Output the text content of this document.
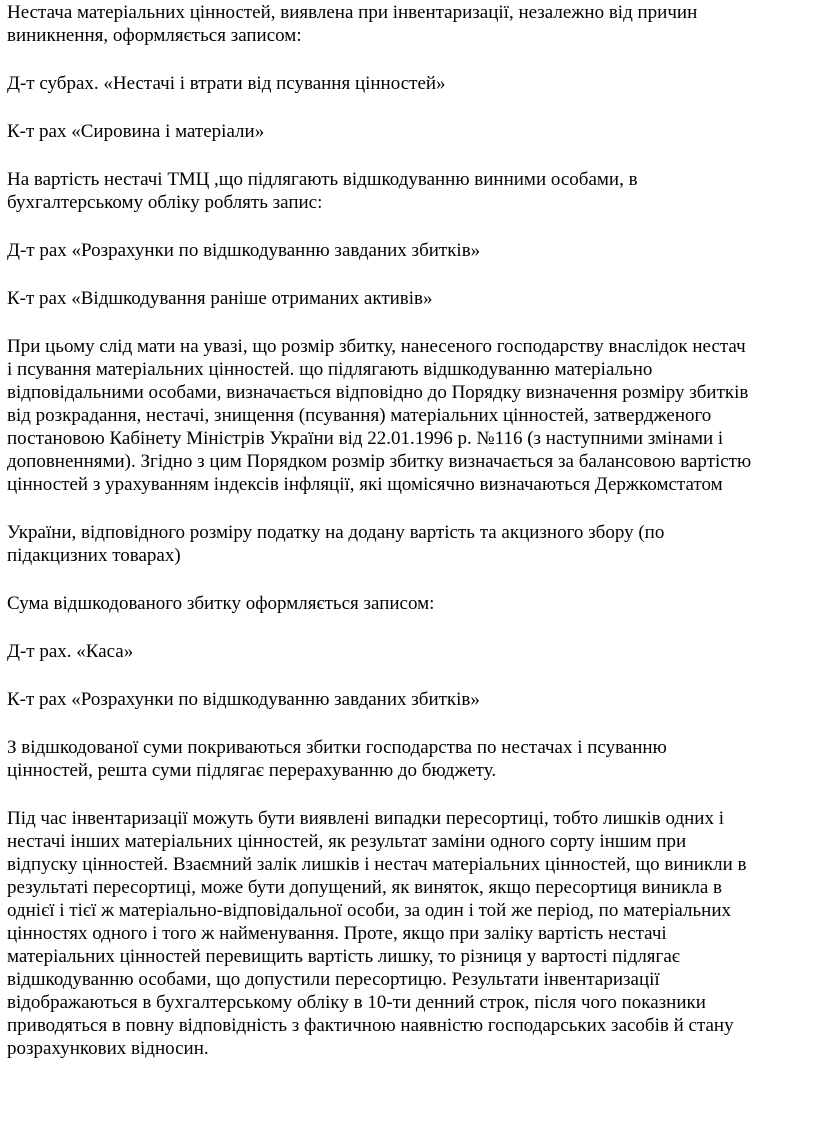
Нестача матеріальних цінностей, виявлена при інвентаризації, незалежно від причин
виникнення, оформляється записом:
Д-т субрах. «Нестачі і втрати від псування цінностей»
К-т рах «Сировина і матеріали»
На вартість нестачі ТМЦ ,що підлягають відшкодуванню винними особами, в
бухгалтерському обліку роблять запис:
Д-т рах «Розрахунки по відшкодуванню завданих збитків»
К-т рах «Відшкодування раніше отриманих активів»
При цьому слід мати на увазі, що розмір збитку, нанесеного господарству внаслідок нестач
і псування матеріальних цінностей. що підлягають відшкодуванню матеріально
відповідальними особами, визначається відповідно до Порядку визначення розміру збитків
від розкрадання, нестачі, знищення (псування) матеріальних цінностей, затвердженого
постановою Кабінету Міністрів України від 22.01.1996 р. №116 (з наступними змінами і
доповненнями). Згідно з цим Порядком розмір збитку визначається за балансовою вартістю
цінностей з урахуванням індексів інфляції, які щомісячно визначаються Держкомстатом
України, відповідного розміру податку на додану вартість та акцизного збору (по
підакцизних товарах)
Сума відшкодованого збитку оформляється записом:
Д-т рах. «Каса»
К-т рах «Розрахунки по відшкодуванню завданих збитків»
З відшкодованої суми покриваються збитки господарства по нестачах і псуванню
цінностей, решта суми підлягає перерахуванню до бюджету.
Під час інвентаризації можуть бути виявлені випадки пересортиці, тобто лишків одних і
нестачі інших матеріальних цінностей, як результат заміни одного сорту іншим при
відпуску цінностей. Взаємний залік лишків і нестач матеріальних цінностей, що виникли в
результаті пересортиці, може бути допущений, як виняток, якщо пересортиця виникла в
однієї і тієї ж матеріально-відповідальної особи, за один і той же період, по матеріальних
цінностях одного і того ж найменування. Проте, якщо при заліку вартість нестачі
матеріальних цінностей перевищить вартість лишку, то різниця у вартості підлягає
відшкодуванню особами, що допустили пересортицю. Результати інвентаризації
відображаються в бухгалтерському обліку в 10-ти денний строк, після чого показники
приводяться в повну відповідність з фактичною наявністю господарських засобів й стану
розрахункових відносин.
